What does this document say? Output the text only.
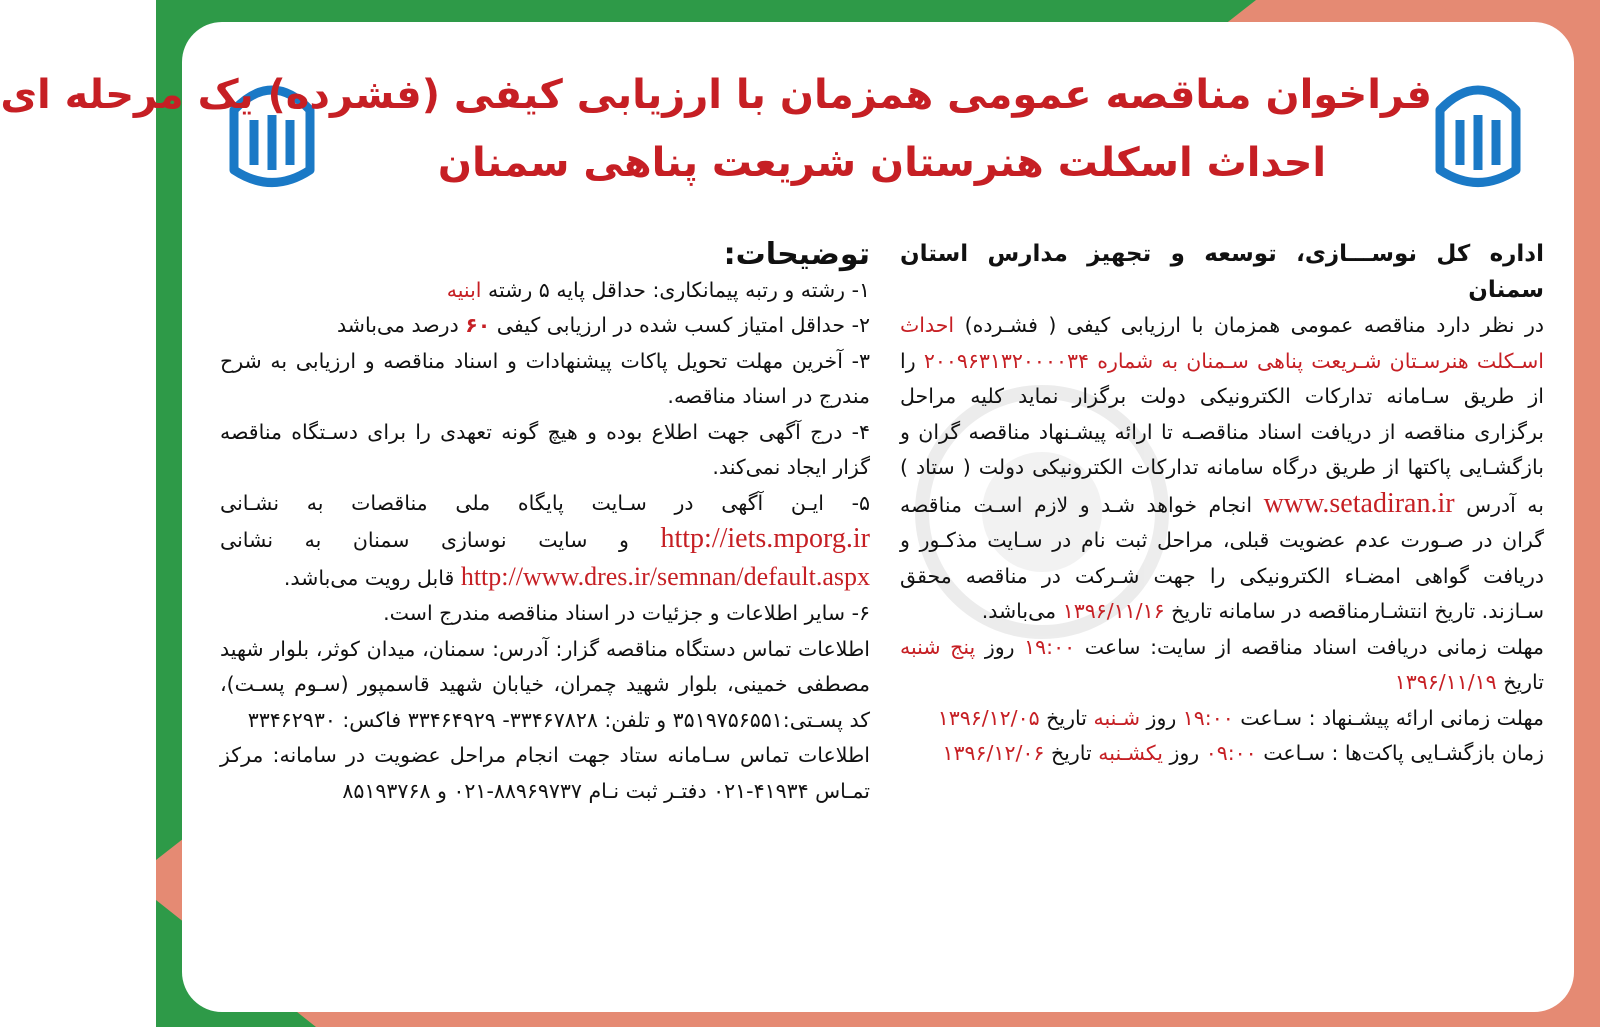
فراخوان مناقصه عمومی همزمان با ارزیابی کیفی (فشرده) یک مرحله ای
احداث اسکلت هنرستان شریعت پناهی سمنان

اداره کل نوســـازی، توسعه و تجهیز مدارس استان سمنان

در نظر دارد مناقصه عمومی همزمان با ارزیابی کیفی ( فشـرده) احداث اسـکلت هنرسـتان شـریعت پناهی سـمنان به شماره ۲۰۰۹۶۳۱۳۲۰۰۰۰۳۴ را از طریق سـامانه تدارکات الکترونیکی دولت برگزار نماید کلیه مراحل برگزاری مناقصه از دریافت اسناد مناقصـه تا ارائه پیشـنهاد مناقصه گران و بازگشـایی پاکتها از طریق درگاه سامانه تدارکات الکترونیکی دولت ( ستاد ) به آدرس www.setadiran.ir انجام خواهد شـد و لازم اسـت مناقصه گران در صـورت عدم عضویت قبلی، مراحل ثبت نام در سـایت مذکـور و دریافت گواهی امضـاء الکترونیکی را جهت شـرکت در مناقصه محقق سـازند. تاریخ انتشـارمناقصه در سامانه تاریخ ۱۳۹۶/۱۱/۱۶ می‌باشد.

مهلت زمانی دریافت اسناد مناقصه از سایت: ساعت ۱۹:۰۰ روز پنج شنبه تاریخ ۱۳۹۶/۱۱/۱۹

مهلت زمانی ارائه پیشـنهاد : سـاعت ۱۹:۰۰ روز شـنبه تاریخ ۱۳۹۶/۱۲/۰۵

زمان بازگشـایی پاکت‌ها : سـاعت ۰۹:۰۰ روز یکشـنبه تاریخ ۱۳۹۶/۱۲/۰۶

توضیحات:

۱- رشته و رتبه پیمانکاری: حداقل پایه ۵ رشته ابنیه

۲- حداقل امتیاز کسب شده در ارزیابی کیفی ۶۰ درصد می‌باشد

۳- آخرین مهلت تحویل پاکات پیشنهادات و اسناد مناقصه و ارزیابی به شرح مندرج در اسناد مناقصه.

۴- درج آگهی جهت اطلاع بوده و هیچ گونه تعهدی را برای دسـتگاه مناقصه گزار ایجاد نمی‌کند.

۵- ایـن آگهی در سـایت پایگاه ملی مناقصات به نشـانی http://iets.mporg.ir و سایت نوسازی سمنان به نشانی http://www.dres.ir/semnan/default.aspx قابل رویت می‌باشد.

۶- سایر اطلاعات و جزئیات در اسناد مناقصه مندرج است.

اطلاعات تماس دستگاه مناقصه گزار: آدرس: سمنان، میدان کوثر، بلوار شهید مصطفی خمینی، بلوار شهید چمران، خیابان شهید قاسمپور (سـوم پسـت)، کد پسـتی:۳۵۱۹۷۵۶۵۵۱ و تلفن: ۳۳۴۶۷۸۲۸- ۳۳۴۶۴۹۲۹ فاکس: ۳۳۴۶۲۹۳۰

اطلاعات تماس سـامانه ستاد جهت انجام مراحل عضویت در سامانه: مرکز تمـاس ۴۱۹۳۴-۰۲۱ دفتـر ثبت نـام ۸۸۹۶۹۷۳۷-۰۲۱ و ۸۵۱۹۳۷۶۸
